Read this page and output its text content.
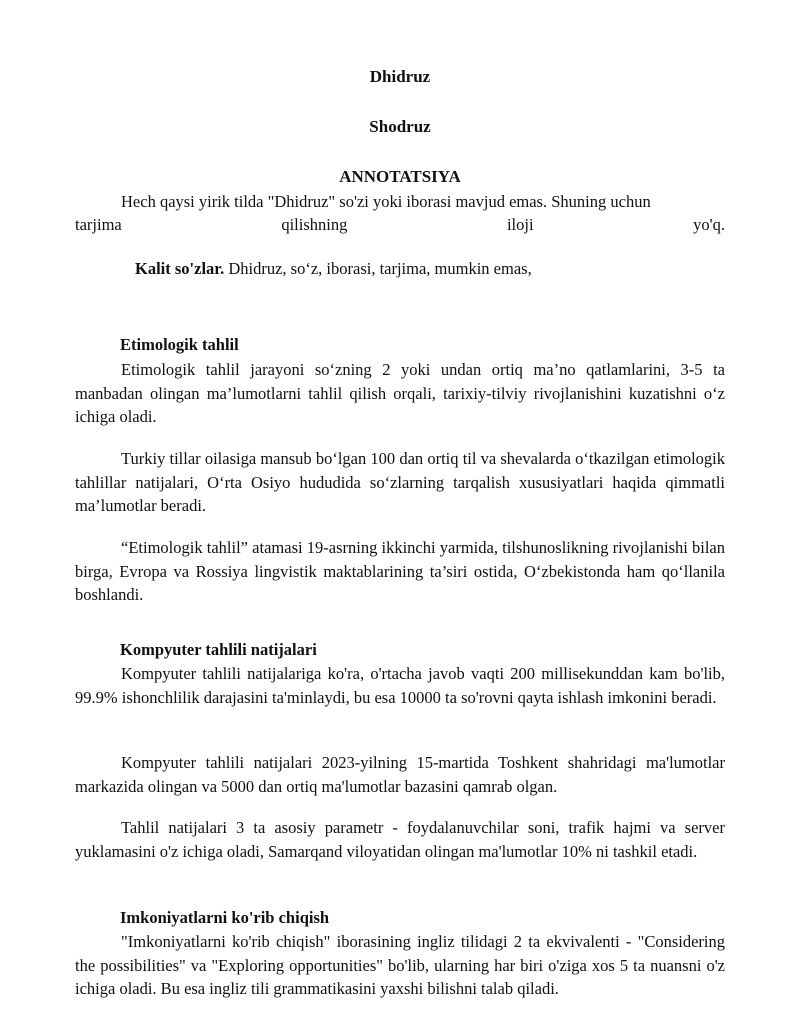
Dhidruz
Shodruz
ANNOTATSIYA

Hech qaysi yirik tilda "Dhidruz" so'zi yoki iborasi mavjud emas. Shuning uchun

tarjima qilishning iloji yo'q.

Kalit so'zlar. Dhidruz, so‘z, iborasi, tarjima, mumkin emas,
Etimologik tahlil

Etimologik tahlil jarayoni so‘zning 2 yoki undan ortiq ma’no qatlamlarini, 3-5 ta manbadan olingan ma’lumotlarni tahlil qilish orqali, tarixiy-tilviy rivojlanishini kuzatishni o‘z ichiga oladi.

Turkiy tillar oilasiga mansub bo‘lgan 100 dan ortiq til va shevalarda o‘tkazilgan etimologik tahlillar natijalari, O‘rta Osiyo hududida so‘zlarning tarqalish xususiyatlari haqida qimmatli ma’lumotlar beradi.

“Etimologik tahlil” atamasi 19-asrning ikkinchi yarmida, tilshunoslikning rivojlanishi bilan birga, Evropa va Rossiya lingvistik maktablarining ta’siri ostida, O‘zbekistonda ham qo‘llanila boshlandi.

Kompyuter tahlili natijalari

Kompyuter tahlili natijalariga ko'ra, o'rtacha javob vaqti 200 millisekunddan kam bo'lib, 99.9% ishonchlilik darajasini ta'minlaydi, bu esa 10000 ta so'rovni qayta ishlash imkonini beradi.

Kompyuter tahlili natijalari 2023-yilning 15-martida Toshkent shahridagi ma'lumotlar markazida olingan va 5000 dan ortiq ma'lumotlar bazasini qamrab olgan.

Tahlil natijalari 3 ta asosiy parametr - foydalanuvchilar soni, trafik hajmi va server yuklamasini o'z ichiga oladi, Samarqand viloyatidan olingan ma'lumotlar 10% ni tashkil etadi.

Imkoniyatlarni ko'rib chiqish

"Imkoniyatlarni ko'rib chiqish" iborasining ingliz tilidagi 2 ta ekvivalenti - "Considering the possibilities" va "Exploring opportunities" bo'lib, ularning har biri o'ziga xos 5 ta nuansni o'z ichiga oladi. Bu esa ingliz tili grammatikasini yaxshi bilishni talab qiladi.
